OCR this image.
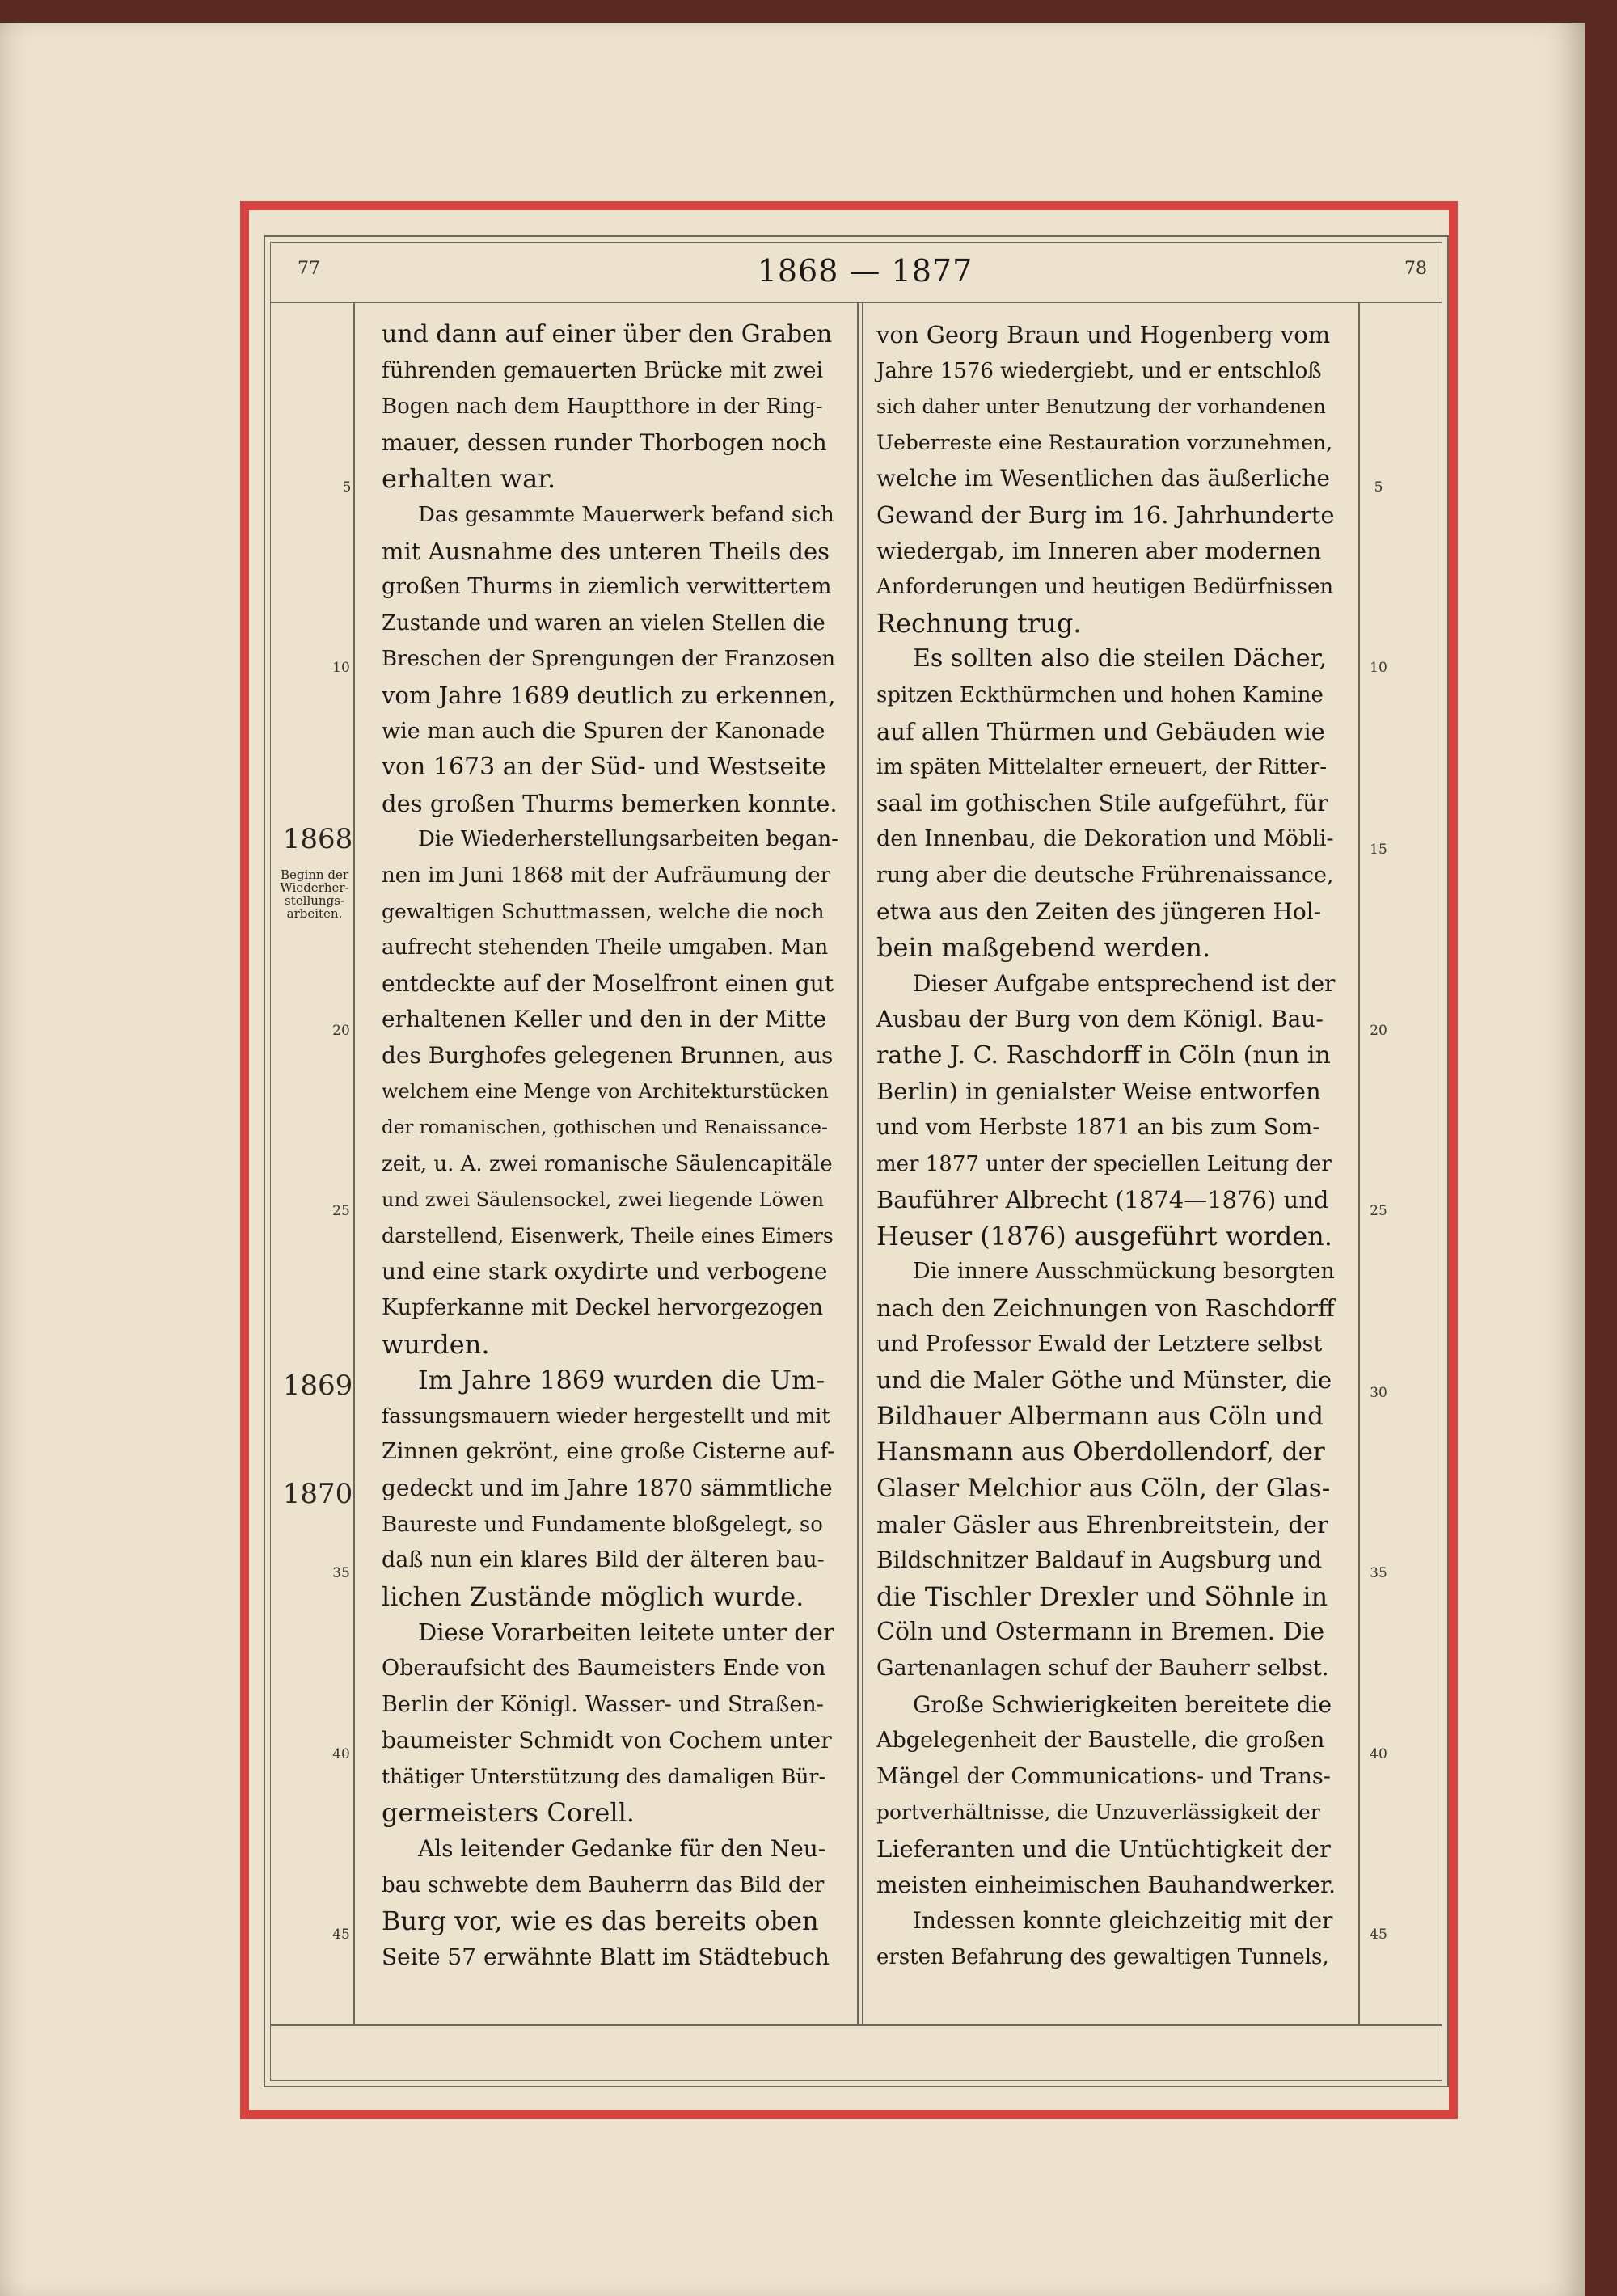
77	1868 — 1877	78
1868
Beginn der Wiederher-stellungs-arbeiten.
1869
1870
5
10
20
25
35
40
45
5
10
15
20
25
30
35
40
45
und dann auf einer über den Graben
führenden gemauerten Brücke mit zwei
Bogen nach dem Hauptthore in der Ring-
mauer, dessen runder Thorbogen noch
erhalten war.
Das gesammte Mauerwerk befand sich
mit Ausnahme des unteren Theils des
großen Thurms in ziemlich verwittertem
Zustande und waren an vielen Stellen die
Breschen der Sprengungen der Franzosen
vom Jahre 1689 deutlich zu erkennen,
wie man auch die Spuren der Kanonade
von 1673 an der Süd- und Westseite
des großen Thurms bemerken konnte.
Die Wiederherstellungsarbeiten began-
nen im Juni 1868 mit der Aufräumung der
gewaltigen Schuttmassen, welche die noch
aufrecht stehenden Theile umgaben. Man
entdeckte auf der Moselfront einen gut
erhaltenen Keller und den in der Mitte
des Burghofes gelegenen Brunnen, aus
welchem eine Menge von Architekturstücken
der romanischen, gothischen und Renaissance-
zeit, u. A. zwei romanische Säulencapitäle
und zwei Säulensockel, zwei liegende Löwen
darstellend, Eisenwerk, Theile eines Eimers
und eine stark oxydirte und verbogene
Kupferkanne mit Deckel hervorgezogen
wurden.
Im Jahre 1869 wurden die Um-
fassungsmauern wieder hergestellt und mit
Zinnen gekrönt, eine große Cisterne auf-
gedeckt und im Jahre 1870 sämmtliche
Baureste und Fundamente bloßgelegt, so
daß nun ein klares Bild der älteren bau-
lichen Zustände möglich wurde.
Diese Vorarbeiten leitete unter der
Oberaufsicht des Baumeisters Ende von
Berlin der Königl. Wasser- und Straßen-
baumeister Schmidt von Cochem unter
thätiger Unterstützung des damaligen Bür-
germeisters Corell.
Als leitender Gedanke für den Neu-
bau schwebte dem Bauherrn das Bild der
Burg vor, wie es das bereits oben
Seite 57 erwähnte Blatt im Städtebuch
von Georg Braun und Hogenberg vom
Jahre 1576 wiedergiebt, und er entschloß
sich daher unter Benutzung der vorhandenen
Ueberreste eine Restauration vorzunehmen,
welche im Wesentlichen das äußerliche
Gewand der Burg im 16. Jahrhunderte
wiedergab, im Inneren aber modernen
Anforderungen und heutigen Bedürfnissen
Rechnung trug.
Es sollten also die steilen Dächer,
spitzen Eckthürmchen und hohen Kamine
auf allen Thürmen und Gebäuden wie
im späten Mittelalter erneuert, der Ritter-
saal im gothischen Stile aufgeführt, für
den Innenbau, die Dekoration und Möbli-
rung aber die deutsche Frührenaissance,
etwa aus den Zeiten des jüngeren Hol-
bein maßgebend werden.
Dieser Aufgabe entsprechend ist der
Ausbau der Burg von dem Königl. Bau-
rathe J. C. Raschdorff in Cöln (nun in
Berlin) in genialster Weise entworfen
und vom Herbste 1871 an bis zum Som-
mer 1877 unter der speciellen Leitung der
Bauführer Albrecht (1874—1876) und
Heuser (1876) ausgeführt worden.
Die innere Ausschmückung besorgten
nach den Zeichnungen von Raschdorff
und Professor Ewald der Letztere selbst
und die Maler Göthe und Münster, die
Bildhauer Albermann aus Cöln und
Hansmann aus Oberdollendorf, der
Glaser Melchior aus Cöln, der Glas-
maler Gäsler aus Ehrenbreitstein, der
Bildschnitzer Baldauf in Augsburg und
die Tischler Drexler und Söhnle in
Cöln und Ostermann in Bremen. Die
Gartenanlagen schuf der Bauherr selbst.
Große Schwierigkeiten bereitete die
Abgelegenheit der Baustelle, die großen
Mängel der Communications- und Trans-
portverhältnisse, die Unzuverlässigkeit der
Lieferanten und die Untüchtigkeit der
meisten einheimischen Bauhandwerker.
Indessen konnte gleichzeitig mit der
ersten Befahrung des gewaltigen Tunnels,
